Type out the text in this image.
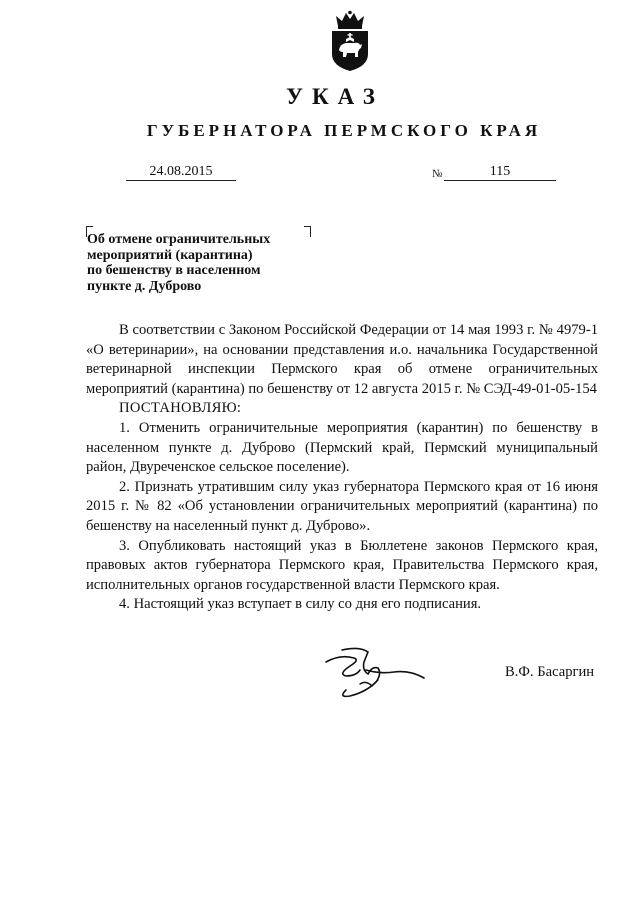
УКАЗ
ГУБЕРНАТОРА ПЕРМСКОГО КРАЯ
24.08.2015	№	115
Об отмене ограничительных
мероприятий (карантина)
по бешенству в населенном
пункте д. Дуброво

В соответствии с Законом Российской Федерации от 14 мая 1993 г. № 4979-1 «О ветеринарии», на основании представления и.о. начальника Государственной ветеринарной инспекции Пермского края об отмене ограничительных мероприятий (карантина) по бешенству от 12 августа 2015 г. № СЭД-49-01-05-154

ПОСТАНОВЛЯЮ:

1. Отменить ограничительные мероприятия (карантин) по бешенству в населенном пункте д. Дуброво (Пермский край, Пермский муниципальный район, Двуреченское сельское поселение).

2. Признать утратившим силу указ губернатора Пермского края от 16 июня 2015 г. № 82 «Об установлении ограничительных мероприятий (карантина) по бешенству на населенный пункт д. Дуброво».

3. Опубликовать настоящий указ в Бюллетене законов Пермского края, правовых актов губернатора Пермского края, Правительства Пермского края, исполнительных органов государственной власти Пермского края.

4. Настоящий указ вступает в силу со дня его подписания.

В.Ф. Басаргин
